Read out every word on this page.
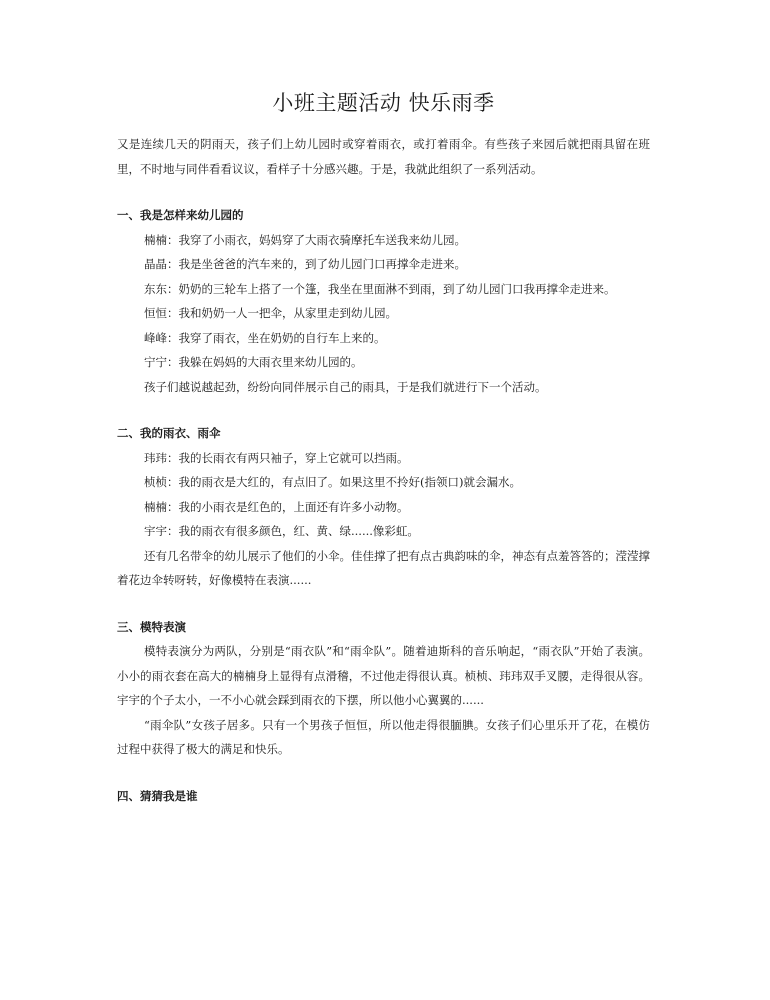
小班主题活动 快乐雨季

又是连续几天的阴雨天，孩子们上幼儿园时或穿着雨衣，或打着雨伞。有些孩子来园后就把雨具留在班里，不时地与同伴看看议议，看样子十分感兴趣。于是，我就此组织了一系列活动。

一、我是怎样来幼儿园的

楠楠：我穿了小雨衣，妈妈穿了大雨衣骑摩托车送我来幼儿园。

晶晶：我是坐爸爸的汽车来的，到了幼儿园门口再撑伞走进来。

东东：奶奶的三轮车上搭了一个篷，我坐在里面淋不到雨，到了幼儿园门口我再撑伞走进来。

恒恒：我和奶奶一人一把伞，从家里走到幼儿园。

峰峰：我穿了雨衣，坐在奶奶的自行车上来的。

宁宁：我躲在妈妈的大雨衣里来幼儿园的。

孩子们越说越起劲，纷纷向同伴展示自己的雨具，于是我们就进行下一个活动。

二、我的雨衣、雨伞

玮玮：我的长雨衣有两只袖子，穿上它就可以挡雨。

桢桢：我的雨衣是大红的，有点旧了。如果这里不拎好(指领口)就会漏水。

楠楠：我的小雨衣是红色的，上面还有许多小动物。

宇宇：我的雨衣有很多颜色，红、黄、绿......像彩虹。

还有几名带伞的幼儿展示了他们的小伞。佳佳撑了把有点古典韵味的伞，神态有点羞答答的；滢滢撑着花边伞转呀转，好像模特在表演......

三、模特表演

模特表演分为两队，分别是“雨衣队”和“雨伞队”。随着迪斯科的音乐响起，“雨衣队”开始了表演。小小的雨衣套在高大的楠楠身上显得有点滑稽，不过他走得很认真。桢桢、玮玮双手叉腰，走得很从容。宇宇的个子太小，一不小心就会踩到雨衣的下摆，所以他小心翼翼的......

“雨伞队”女孩子居多。只有一个男孩子恒恒，所以他走得很腼腆。女孩子们心里乐开了花，在模仿过程中获得了极大的满足和快乐。

四、猜猜我是谁
